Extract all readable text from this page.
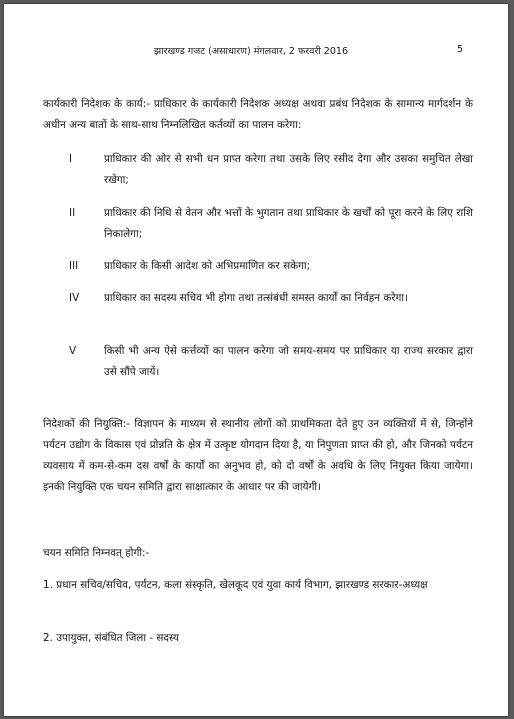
झारखण्ड गजट (असाधारण) मंगलवार, 2 फरवरी 2016	5

कार्यकारी निदेशक के कार्य:- प्राधिकार के कार्यकारी निदेशक अध्यक्ष अथवा प्रबंध निदेशक के सामान्य मार्गदर्शन के अधीन अन्य बातों के साथ-साथ निम्नलिखित कर्तव्यों का पालन करेगा:

I	प्राधिकार की ओर से सभी धन प्राप्त करेगा तथा उसके लिए रसीद देगा और उसका समुचित लेखा रखेगा;
II	प्राधिकार की निधि से वेतन और भत्तों के भुगतान तथा प्राधिकार के खर्चों को पूरा करने के लिए राशि निकालेगा;
III	प्राधिकार के किसी आदेश को अभिप्रमाणित कर सकेगा;
IV	प्राधिकार का सदस्य सचिव भी होगा तथा तत्संबंधी समस्त कार्यों का निर्वहन करेगा।
V	किसी भी अन्य ऐसे कर्त्तव्यों का पालन करेगा जो समय-समय पर प्राधिकार या राज्य सरकार द्वारा उसे सौंपे जायें।

निदेशकों की नियुक्ति:- विज्ञापन के माध्यम से स्थानीय लोगों को प्राथमिकता देते हुए उन व्यक्तियों में से, जिन्होंने पर्यटन उद्योग के विकास एवं प्रोन्नति के क्षेत्र में उत्कृष्ट योगदान दिया है, या निपुणता प्राप्त की हो, और जिनको पर्यटन व्यवसाय में कम-से-कम दस वर्षों के कार्यों का अनुभव हो, को दो वर्षों के अवधि के लिए नियुक्त किया जायेगा। इनकी नियुक्ति एक चयन समिति द्वारा साक्षात्कार के आधार पर की जायेगी।

चयन समिति निम्नवत् होगी:-

1. प्रधान सचिव/सचिव, पर्यटन, कला संस्कृति, खेलकूद एवं युवा कार्य विभाग, झारखण्ड सरकार-अध्यक्ष

2. उपायुक्त, संबंधित जिला - सदस्य
